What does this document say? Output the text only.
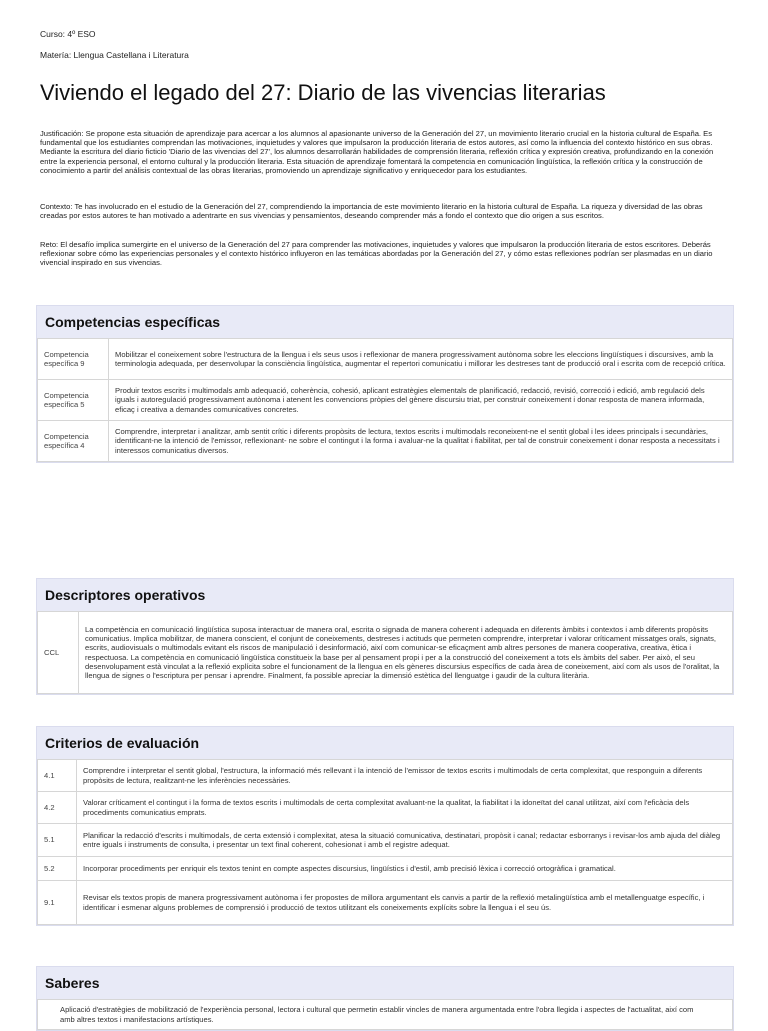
Curso: 4º ESO
Matería: Llengua Castellana i Literatura
Viviendo el legado del 27: Diario de las vivencias literarias

Justificación: Se propone esta situación de aprendizaje para acercar a los alumnos al apasionante universo de la Generación del 27, un movimiento literario crucial en la historia cultural de España. Es fundamental que los estudiantes comprendan las motivaciones, inquietudes y valores que impulsaron la producción literaria de estos autores, así como la influencia del contexto histórico en sus obras. Mediante la escritura del diario ficticio 'Diario de las vivencias del 27', los alumnos desarrollarán habilidades de comprensión literaria, reflexión crítica y expresión creativa, profundizando en la conexión entre la experiencia personal, el entorno cultural y la producción literaria. Esta situación de aprendizaje fomentará la competencia en comunicación lingüística, la reflexión crítica y la construcción de conocimiento a partir del análisis contextual de las obras literarias, promoviendo un aprendizaje significativo y enriquecedor para los estudiantes.

Contexto: Te has involucrado en el estudio de la Generación del 27, comprendiendo la importancia de este movimiento literario en la historia cultural de España. La riqueza y diversidad de las obras creadas por estos autores te han motivado a adentrarte en sus vivencias y pensamientos, deseando comprender más a fondo el contexto que dio origen a sus escritos.

Reto: El desafío implica sumergirte en el universo de la Generación del 27 para comprender las motivaciones, inquietudes y valores que impulsaron la producción literaria de estos escritores. Deberás reflexionar sobre cómo las experiencias personales y el contexto histórico influyeron en las temáticas abordadas por la Generación del 27, y cómo estas reflexiones podrían ser plasmadas en un diario vivencial inspirado en sus vivencias.

Competencias específicas
Competencia específica 9	Mobilitzar el coneixement sobre l'estructura de la llengua i els seus usos i reflexionar de manera progressivament autònoma sobre les eleccions lingüístiques i discursives, amb la terminologia adequada, per desenvolupar la consciència lingüística, augmentar el repertori comunicatiu i millorar les destreses tant de producció oral i escrita com de recepció crítica.
Competencia específica 5	Produir textos escrits i multimodals amb adequació, coherència, cohesió, aplicant estratègies elementals de planificació, redacció, revisió, correcció i edició, amb regulació dels iguals i autoregulació progressivament autònoma i atenent les convencions pròpies del gènere discursiu triat, per construir coneixement i donar resposta de manera informada, eficaç i creativa a demandes comunicatives concretes.
Competencia específica 4	Comprendre, interpretar i analitzar, amb sentit crític i diferents propòsits de lectura, textos escrits i multimodals reconeixent-ne el sentit global i les idees principals i secundàries, identificant-ne la intenció de l'emissor, reflexionant- ne sobre el contingut i la forma i avaluar-ne la qualitat i fiabilitat, per tal de construir coneixement i donar resposta a necessitats i interessos comunicatius diversos.
Descriptores operativos
CCL	La competència en comunicació lingüística suposa interactuar de manera oral, escrita o signada de manera coherent i adequada en diferents àmbits i contextos i amb diferents propòsits comunicatius. Implica mobilitzar, de manera conscient, el conjunt de coneixements, destreses i actituds que permeten comprendre, interpretar i valorar críticament missatges orals, signats, escrits, audiovisuals o multimodals evitant els riscos de manipulació i desinformació, així com comunicar-se eficaçment amb altres persones de manera cooperativa, creativa, ètica i respectuosa. La competència en comunicació lingüística constitueix la base per al pensament propi i per a la construcció del coneixement a tots els àmbits del saber. Per això, el seu desenvolupament està vinculat a la reflexió explícita sobre el funcionament de la llengua en els gèneres discursius específics de cada àrea de coneixement, així com als usos de l'oralitat, la llengua de signes o l'escriptura per pensar i aprendre. Finalment, fa possible apreciar la dimensió estètica del llenguatge i gaudir de la cultura literària.
Criterios de evaluación
4.1	Comprendre i interpretar el sentit global, l'estructura, la informació més rellevant i la intenció de l'emissor de textos escrits i multimodals de certa complexitat, que responguin a diferents propòsits de lectura, realitzant-ne les inferències necessàries.
4.2	Valorar críticament el contingut i la forma de textos escrits i multimodals de certa complexitat avaluant-ne la qualitat, la fiabilitat i la idoneïtat del canal utilitzat, així com l'eficàcia dels procediments comunicatius emprats.
5.1	Planificar la redacció d'escrits i multimodals, de certa extensió i complexitat, atesa la situació comunicativa, destinatari, propòsit i canal; redactar esborranys i revisar-los amb ajuda del diàleg entre iguals i instruments de consulta, i presentar un text final coherent, cohesionat i amb el registre adequat.
5.2	Incorporar procediments per enriquir els textos tenint en compte aspectes discursius, lingüístics i d'estil, amb precisió lèxica i correcció ortogràfica i gramatical.
9.1	Revisar els textos propis de manera progressivament autònoma i fer propostes de millora argumentant els canvis a partir de la reflexió metalingüística amb el metallenguatge específic, i identificar i esmenar alguns problemes de comprensió i producció de textos utilitzant els coneixements explícits sobre la llengua i el seu ús.
Saberes
Aplicació d'estratègies de mobilització de l'experiència personal, lectora i cultural que permetin establir vincles de manera argumentada entre l'obra llegida i aspectes de l'actualitat, així com amb altres textos i manifestacions artístiques.
